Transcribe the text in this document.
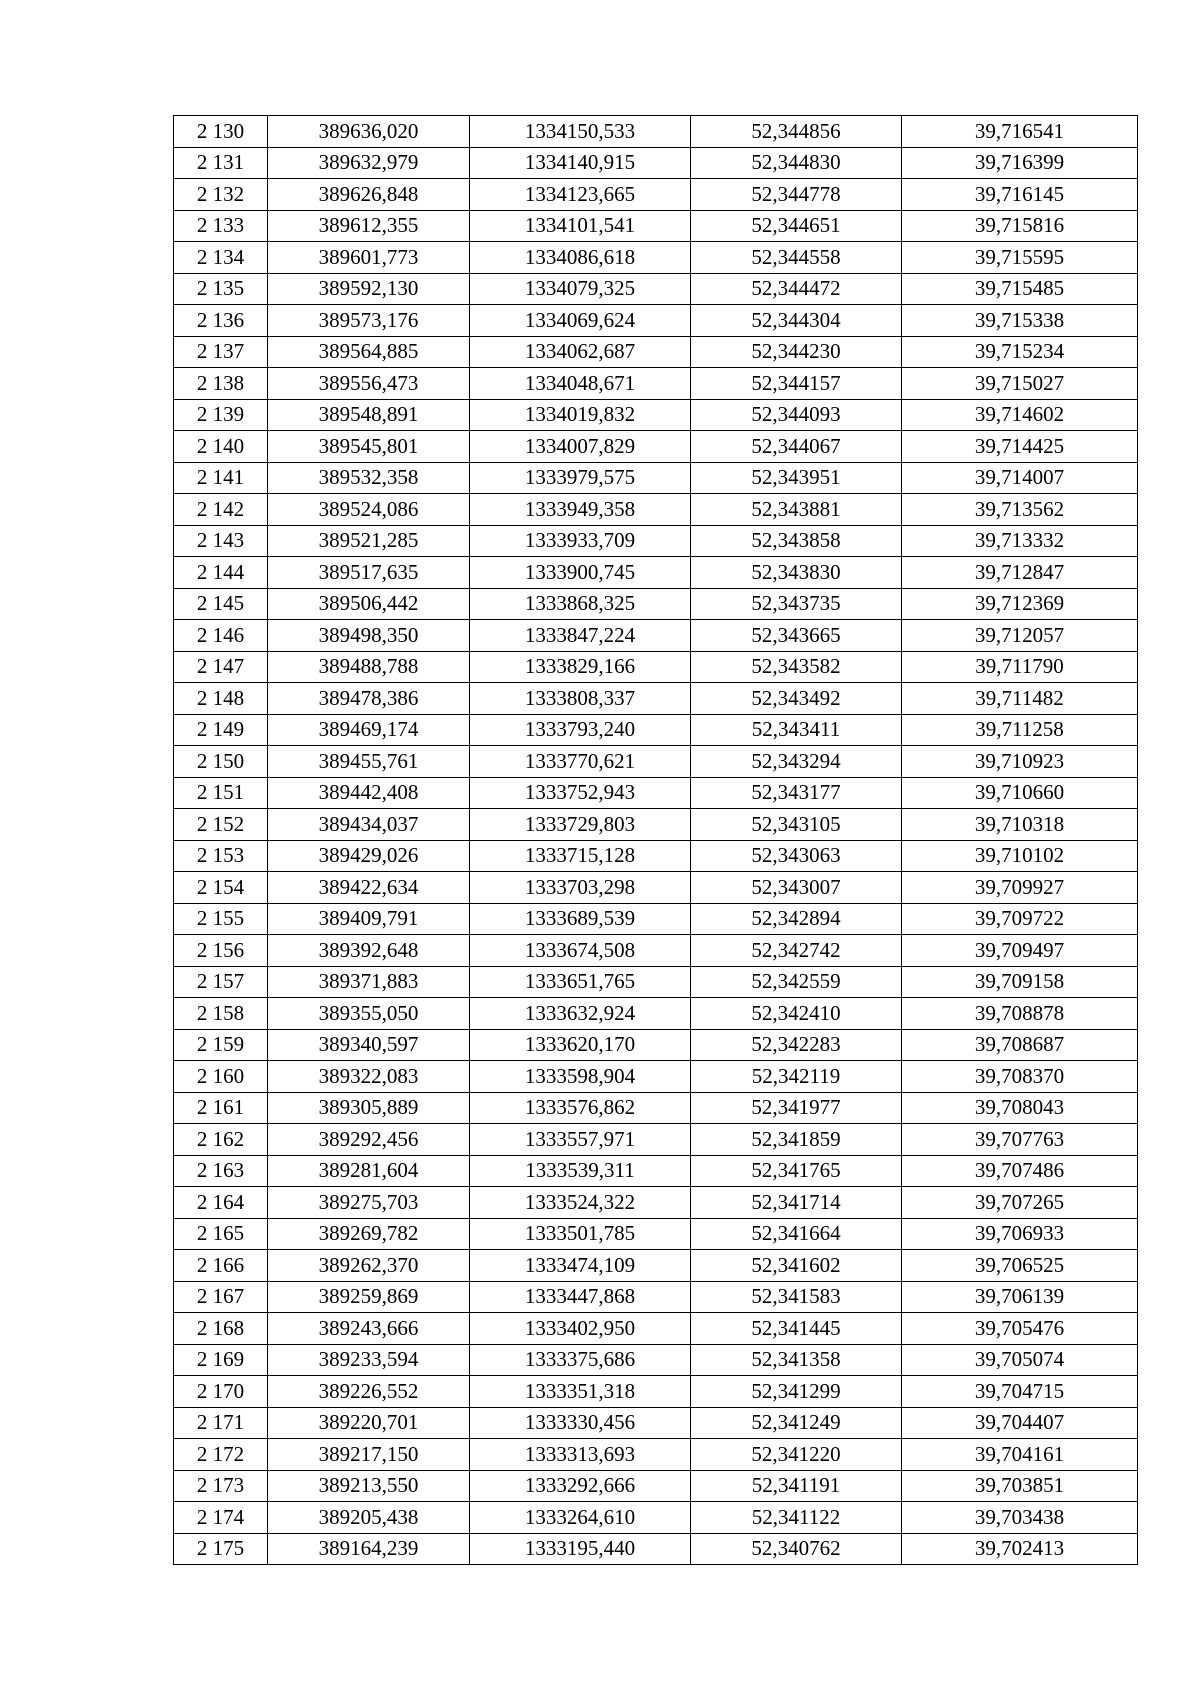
2 130	389636,020	1334150,533	52,344856	39,716541
2 131	389632,979	1334140,915	52,344830	39,716399
2 132	389626,848	1334123,665	52,344778	39,716145
2 133	389612,355	1334101,541	52,344651	39,715816
2 134	389601,773	1334086,618	52,344558	39,715595
2 135	389592,130	1334079,325	52,344472	39,715485
2 136	389573,176	1334069,624	52,344304	39,715338
2 137	389564,885	1334062,687	52,344230	39,715234
2 138	389556,473	1334048,671	52,344157	39,715027
2 139	389548,891	1334019,832	52,344093	39,714602
2 140	389545,801	1334007,829	52,344067	39,714425
2 141	389532,358	1333979,575	52,343951	39,714007
2 142	389524,086	1333949,358	52,343881	39,713562
2 143	389521,285	1333933,709	52,343858	39,713332
2 144	389517,635	1333900,745	52,343830	39,712847
2 145	389506,442	1333868,325	52,343735	39,712369
2 146	389498,350	1333847,224	52,343665	39,712057
2 147	389488,788	1333829,166	52,343582	39,711790
2 148	389478,386	1333808,337	52,343492	39,711482
2 149	389469,174	1333793,240	52,343411	39,711258
2 150	389455,761	1333770,621	52,343294	39,710923
2 151	389442,408	1333752,943	52,343177	39,710660
2 152	389434,037	1333729,803	52,343105	39,710318
2 153	389429,026	1333715,128	52,343063	39,710102
2 154	389422,634	1333703,298	52,343007	39,709927
2 155	389409,791	1333689,539	52,342894	39,709722
2 156	389392,648	1333674,508	52,342742	39,709497
2 157	389371,883	1333651,765	52,342559	39,709158
2 158	389355,050	1333632,924	52,342410	39,708878
2 159	389340,597	1333620,170	52,342283	39,708687
2 160	389322,083	1333598,904	52,342119	39,708370
2 161	389305,889	1333576,862	52,341977	39,708043
2 162	389292,456	1333557,971	52,341859	39,707763
2 163	389281,604	1333539,311	52,341765	39,707486
2 164	389275,703	1333524,322	52,341714	39,707265
2 165	389269,782	1333501,785	52,341664	39,706933
2 166	389262,370	1333474,109	52,341602	39,706525
2 167	389259,869	1333447,868	52,341583	39,706139
2 168	389243,666	1333402,950	52,341445	39,705476
2 169	389233,594	1333375,686	52,341358	39,705074
2 170	389226,552	1333351,318	52,341299	39,704715
2 171	389220,701	1333330,456	52,341249	39,704407
2 172	389217,150	1333313,693	52,341220	39,704161
2 173	389213,550	1333292,666	52,341191	39,703851
2 174	389205,438	1333264,610	52,341122	39,703438
2 175	389164,239	1333195,440	52,340762	39,702413
